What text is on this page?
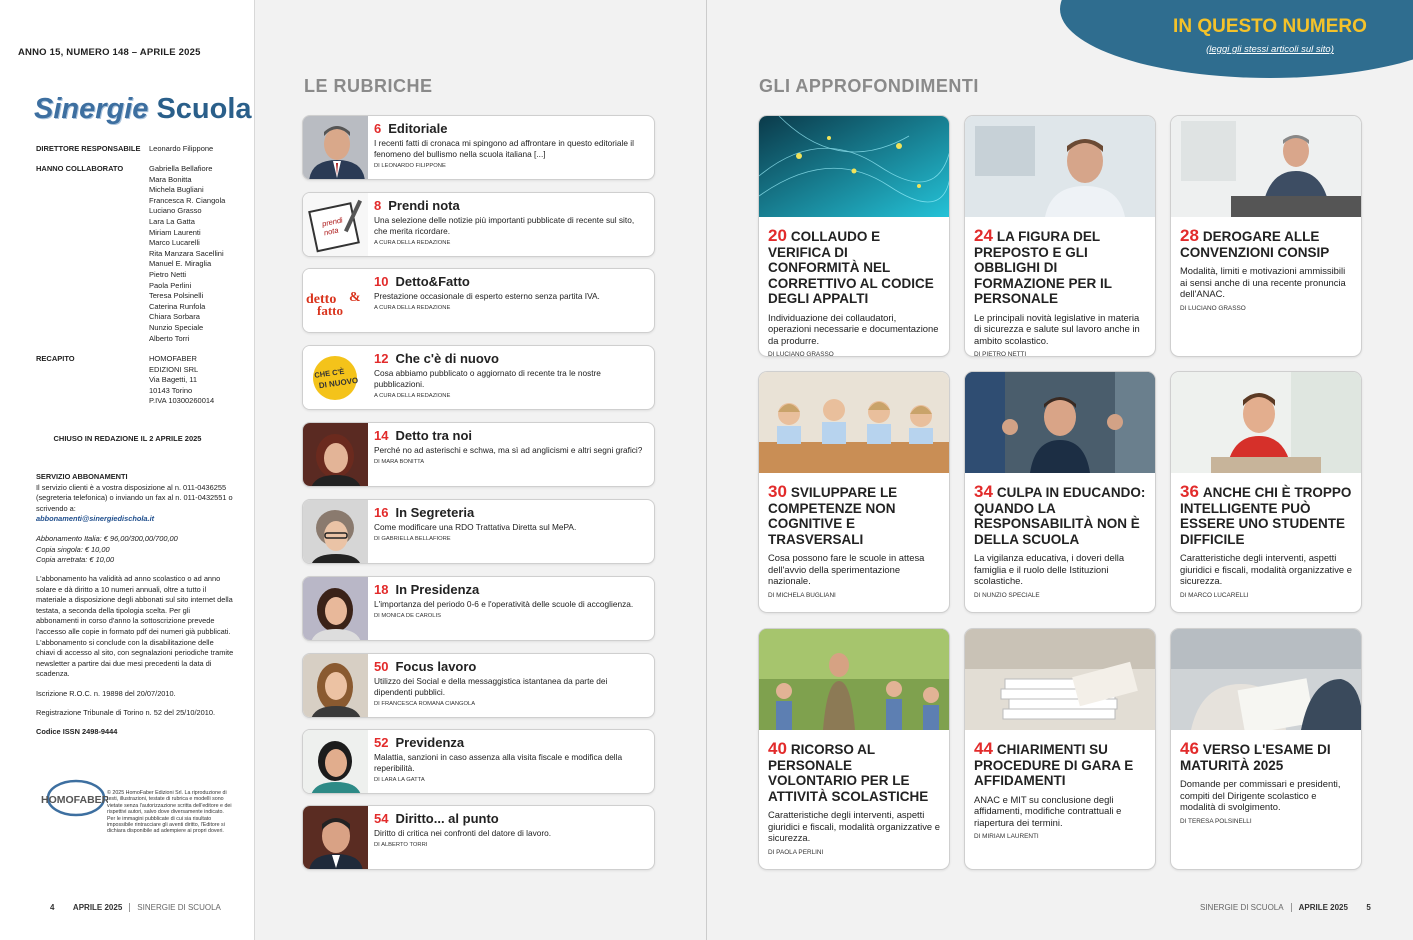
ANNO 15, NUMERO 148 – APRILE 2025
Sinergie Scuola
DIRETTORE RESPONSABILE	Leonardo Filippone
HANNO COLLABORATO	Gabriella Bellafiore
Mara Bonitta
Michela Bugliani
Francesca R. Ciangola
Luciano Grasso
Lara La Gatta
Miriam Laurenti
Marco Lucarelli
Rita Manzara Sacellini
Manuel E. Miraglia
Pietro Netti
Paola Perlini
Teresa Polsinelli
Caterina Runfola
Chiara Sorbara
Nunzio Speciale
Alberto Torri
RECAPITO	HOMOFABER
EDIZIONI SRL
Via Bagetti, 11
10143 Torino
P.IVA 10300260014
CHIUSO IN REDAZIONE IL 2 APRILE 2025
SERVIZIO ABBONAMENTI
Il servizio clienti è a vostra disposizione al n. 011-0436255 (segreteria telefonica) o inviando un fax al n. 011-0432551 o scrivendo a:
abbonamenti@sinergiedischola.it
Abbonamento Italia: € 96,00/300,00/700,00
Copia singola: € 10,00
Copia arretrata: € 10,00
L'abbonamento ha validità ad anno scolastico o ad anno solare e dà diritto a 10 numeri annuali, oltre a tutto il materiale a disposizione degli abbonati sul sito internet della testata, a seconda della tipologia scelta. Per gli abbonamenti in corso d'anno la sottoscrizione prevede l'accesso alle copie in formato pdf dei numeri già pubblicati. L'abbonamento si conclude con la disabilitazione delle chiavi di accesso al sito, con segnalazioni periodiche tramite newsletter a partire dai due mesi precedenti la data di scadenza.
Iscrizione R.O.C. n. 19898 del 20/07/2010.
Registrazione Tribunale di Torino n. 52 del 25/10/2010.
Codice ISSN 2498-9444
HOMOFABER
© 2025 HomoFaber Edizioni Srl. La riproduzione di testi, illustrazioni, testate di rubrica e modelli sono vietate senza l'autorizzazione scritta dell'editore e dei rispettivi autori, salvo dove diversamente indicato. Per le immagini pubblicate di cui sia risultato impossibile rintracciare gli aventi diritto, l'Editore si dichiara disponibile ad adempiere ai propri doveri.
4 APRILE 2025 SINERGIE DI SCUOLA
LE RUBRICHE
6 Editoriale
I recenti fatti di cronaca mi spingono ad affrontare in questo editoriale il fenomeno del bullismo nella scuola italiana [...]
DI LEONARDO FILIPPONE
prendinota
8 Prendi nota
Una selezione delle notizie più importanti pubblicate di recente sul sito, che merita ricordare.
A CURA DELLA REDAZIONE
detto &
fatto
10 Detto&Fatto
Prestazione occasionale di esperto esterno senza partita IVA.
A CURA DELLA REDAZIONE
CHE C'È
DI NUOVO
12 Che c'è di nuovo
Cosa abbiamo pubblicato o aggiornato di recente tra le nostre pubblicazioni.
A CURA DELLA REDAZIONE
14 Detto tra noi
Perché no ad asterischi e schwa, ma sì ad anglicismi e altri segni grafici?
DI MARA BONITTA
16 In Segreteria
Come modificare una RDO Trattativa Diretta sul MePA.
DI GABRIELLA BELLAFIORE
18 In Presidenza
L'importanza del periodo 0-6 e l'operatività delle scuole di accoglienza.
DI MONICA DE CAROLIS
50 Focus lavoro
Utilizzo dei Social e della messaggistica istantanea da parte dei dipendenti pubblici.
DI FRANCESCA ROMANA CIANGOLA
52 Previdenza
Malattia, sanzioni in caso assenza alla visita fiscale e modifica della reperibilità.
DI LARA LA GATTA
54 Diritto... al punto
Diritto di critica nei confronti del datore di lavoro.
DI ALBERTO TORRI
IN QUESTO NUMERO
(leggi gli stessi articoli sul sito)
GLI APPROFONDIMENTI
20 COLLAUDO E VERIFICA DI CONFORMITÀ NEL CORRETTIVO AL CODICE DEGLI APPALTI
Individuazione dei collaudatori, operazioni necessarie e documentazione da produrre.
DI LUCIANO GRASSO
24 LA FIGURA DEL PREPOSTO E GLI OBBLIGHI DI FORMAZIONE PER IL PERSONALE
Le principali novità legislative in materia di sicurezza e salute sul lavoro anche in ambito scolastico.
DI PIETRO NETTI
28 DEROGARE ALLE CONVENZIONI CONSIP
Modalità, limiti e motivazioni ammissibili ai sensi anche di una recente pronuncia dell'ANAC.
DI LUCIANO GRASSO
30 SVILUPPARE LE COMPETENZE NON COGNITIVE E TRASVERSALI
Cosa possono fare le scuole in attesa dell'avvio della sperimentazione nazionale.
DI MICHELA BUGLIANI
34 CULPA IN EDUCANDO: QUANDO LA RESPONSABILITÀ NON È DELLA SCUOLA
La vigilanza educativa, i doveri della famiglia e il ruolo delle Istituzioni scolastiche.
DI NUNZIO SPECIALE
36 ANCHE CHI È TROPPO INTELLIGENTE PUÒ ESSERE UNO STUDENTE DIFFICILE
Caratteristiche degli interventi, aspetti giuridici e fiscali, modalità organizzative e sicurezza.
DI MARCO LUCARELLI
40 RICORSO AL PERSONALE VOLONTARIO PER LE ATTIVITÀ SCOLASTICHE
Caratteristiche degli interventi, aspetti giuridici e fiscali, modalità organizzative e sicurezza.
DI PAOLA PERLINI
44 CHIARIMENTI SU PROCEDURE DI GARA E AFFIDAMENTI
ANAC e MIT su conclusione degli affidamenti, modifiche contrattuali e riapertura dei termini.
DI MIRIAM LAURENTI
46 VERSO L'ESAME DI MATURITÀ 2025
Domande per commissari e presidenti, compiti del Dirigente scolastico e modalità di svolgimento.
DI TERESA POLSINELLI
SINERGIE DI SCUOLA APRILE 2025 5
